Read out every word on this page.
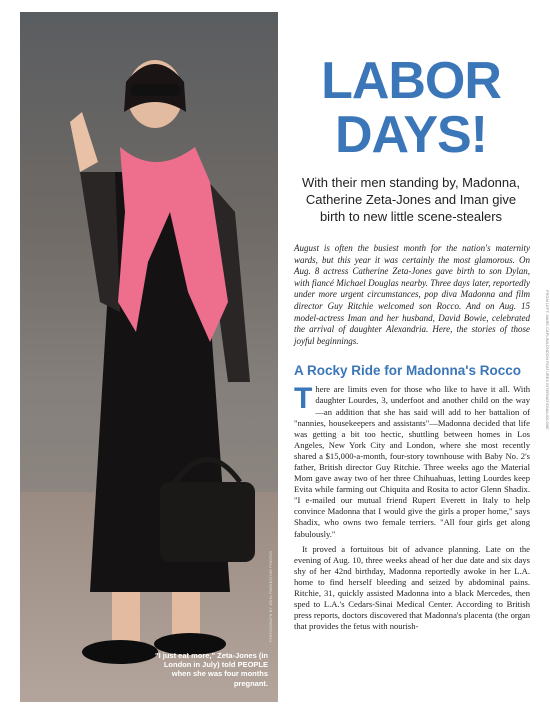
"I just eat more," Zeta-Jones (in London in July) told PEOPLE when she was four months pregnant.
PHOTOGRAPH BY JOHN PARKES/THE PHOTOS
LABOR
DAYS!
With their men standing by, Madonna, Catherine Zeta-Jones and Iman give birth to new little scene-stealers
August is often the busiest month for the nation's maternity wards, but this year it was certainly the most glamorous. On Aug. 8 actress Catherine Zeta-Jones gave birth to son Dylan, with fiancé Michael Douglas nearby. Three days later, reportedly under more urgent circumstances, pop diva Madonna and film director Guy Ritchie welcomed son Rocco. And on Aug. 15 model-actress Iman and her husband, David Bowie, celebrated the arrival of daughter Alexandria. Here, the stories of those joyful beginnings.
A Rocky Ride for Madonna's Rocco

There are limits even for those who like to have it all. With daughter Lourdes, 3, underfoot and another child on the way—an addition that she has said will add to her battalion of "nannies, housekeepers and assistants"—Madonna decided that life was getting a bit too hectic, shuttling between homes in Los Angeles, New York City and London, where she most recently shared a $15,000-a-month, four-story townhouse with Baby No. 2's father, British director Guy Ritchie. Three weeks ago the Material Mom gave away two of her three Chihuahuas, letting Lourdes keep Evita while farming out Chiquita and Rosita to actor Glenn Shadix. "I e-mailed our mutual friend Rupert Everett in Italy to help convince Madonna that I would give the girls a proper home," says Shadix, who owns two female terriers. "All four girls get along fabulously."

It proved a fortuitous bit of advance planning. Late on the evening of Aug. 10, three weeks ahead of her due date and six days shy of her 42nd birthday, Madonna reportedly awoke in her L.A. home to find herself bleeding and seized by abdominal pains. Ritchie, 31, quickly assisted Madonna into a black Mercedes, then sped to L.A.'s Cedars-Sinai Medical Center. According to British press reports, doctors discovered that Madonna's placenta (the organ that provides the fetus with nourish-

FROM LEFT: MARK CAPLIN/LONDON FEATURES INTERNATIONAL/GLOBE
